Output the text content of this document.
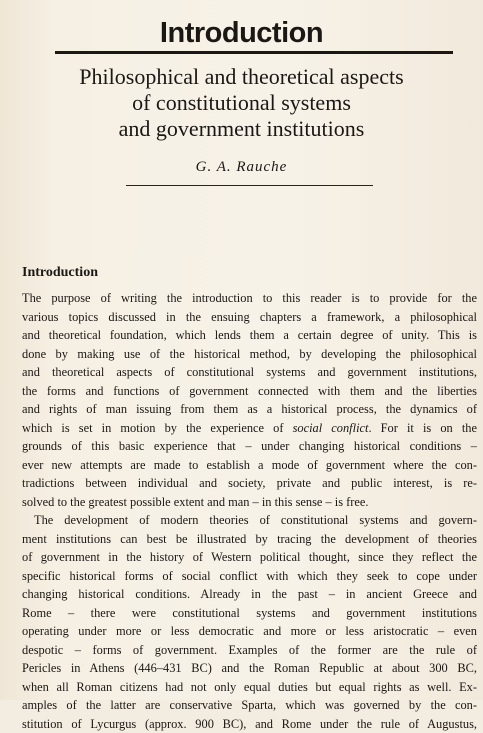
Introduction
Philosophical and theoretical aspects
of constitutional systems
and government institutions
G. A. Rauche
Introduction
The purpose of writing the introduction to this reader is to provide for the
various topics discussed in the ensuing chapters a framework, a philosophical
and theoretical foundation, which lends them a certain degree of unity. This is
done by making use of the historical method, by developing the philosophical
and theoretical aspects of constitutional systems and government institutions,
the forms and functions of government connected with them and the liberties
and rights of man issuing from them as a historical process, the dynamics of
which is set in motion by the experience of social conflict. For it is on the
grounds of this basic experience that – under changing historical conditions –
ever new attempts are made to establish a mode of government where the con-
tradictions between individual and society, private and public interest, is re-
solved to the greatest possible extent and man – in this sense – is free.
The development of modern theories of constitutional systems and govern-
ment institutions can best be illustrated by tracing the development of theories
of government in the history of Western political thought, since they reflect the
specific historical forms of social conflict with which they seek to cope under
changing historical conditions. Already in the past – in ancient Greece and
Rome – there were constitutional systems and government institutions
operating under more or less democratic and more or less aristocratic – even
despotic – forms of government. Examples of the former are the rule of
Pericles in Athens (446–431 BC) and the Roman Republic at about 300 BC,
when all Roman citizens had not only equal duties but equal rights as well. Ex-
amples of the latter are conservative Sparta, which was governed by the con-
stitution of Lycurgus (approx. 900 BC), and Rome under the rule of Augustus,
